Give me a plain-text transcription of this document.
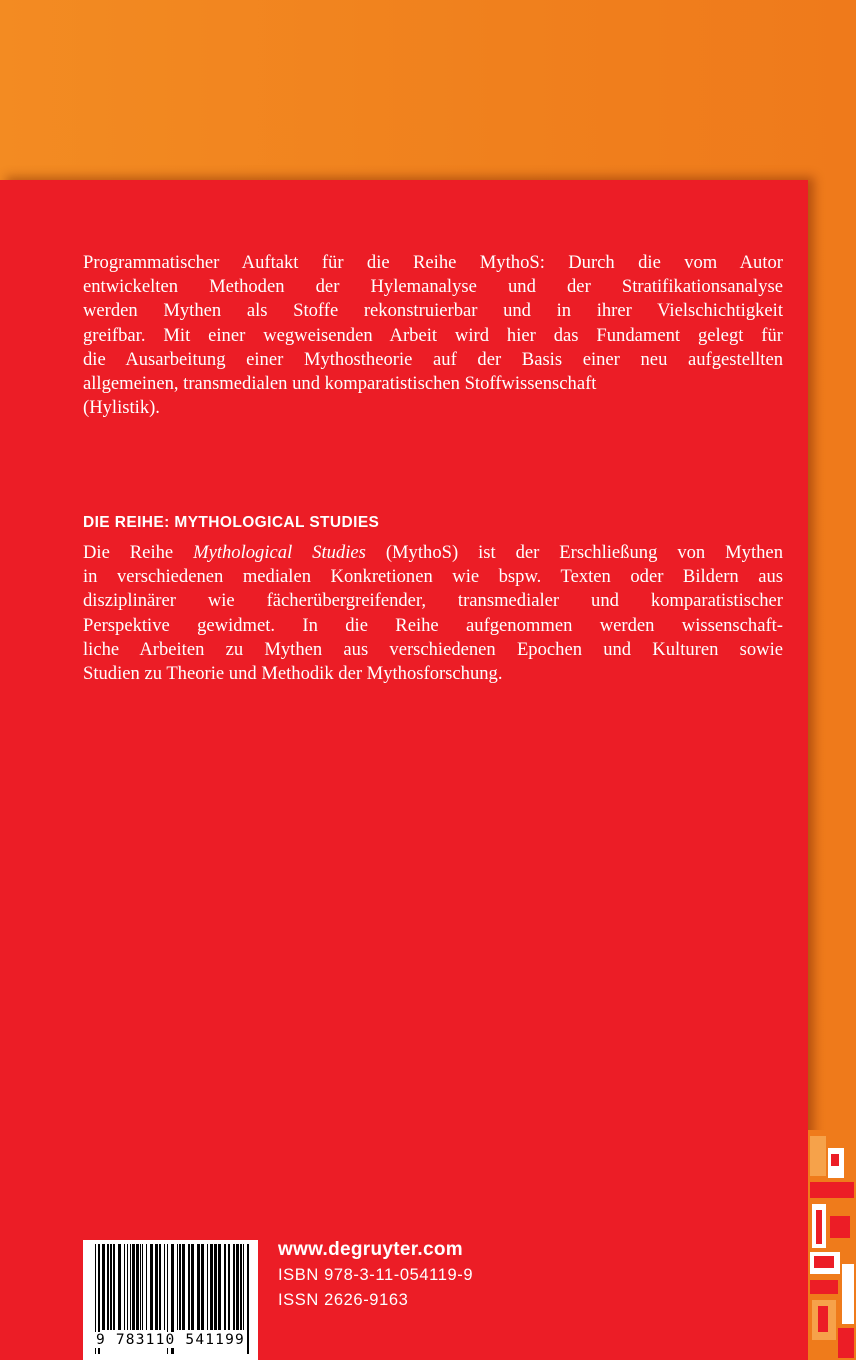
Programmatischer Auftakt für die Reihe MythoS: Durch die vom Autor
entwickelten Methoden der Hylemanalyse und der Stratifikationsanalyse
werden Mythen als Stoffe rekonstruierbar und in ihrer Vielschichtigkeit
greifbar. Mit einer wegweisenden Arbeit wird hier das Fundament gelegt für
die Ausarbeitung einer Mythostheorie auf der Basis einer neu aufgestellten
allgemeinen, transmedialen und komparatistischen Stoffwissenschaft
(Hylistik).
DIE REIHE: MYTHOLOGICAL STUDIES
Die Reihe Mythological Studies (MythoS) ist der Erschließung von Mythen
in verschiedenen medialen Konkretionen wie bspw. Texten oder Bildern aus
disziplinärer wie fächerübergreifender, transmedialer und komparatistischer
Perspektive gewidmet. In die Reihe aufgenommen werden wissenschaft-
liche Arbeiten zu Mythen aus verschiedenen Epochen und Kulturen sowie
Studien zu Theorie und Methodik der Mythosforschung.
9 783110 541199
www.degruyter.com
ISBN 978-3-11-054119-9
ISSN 2626-9163
